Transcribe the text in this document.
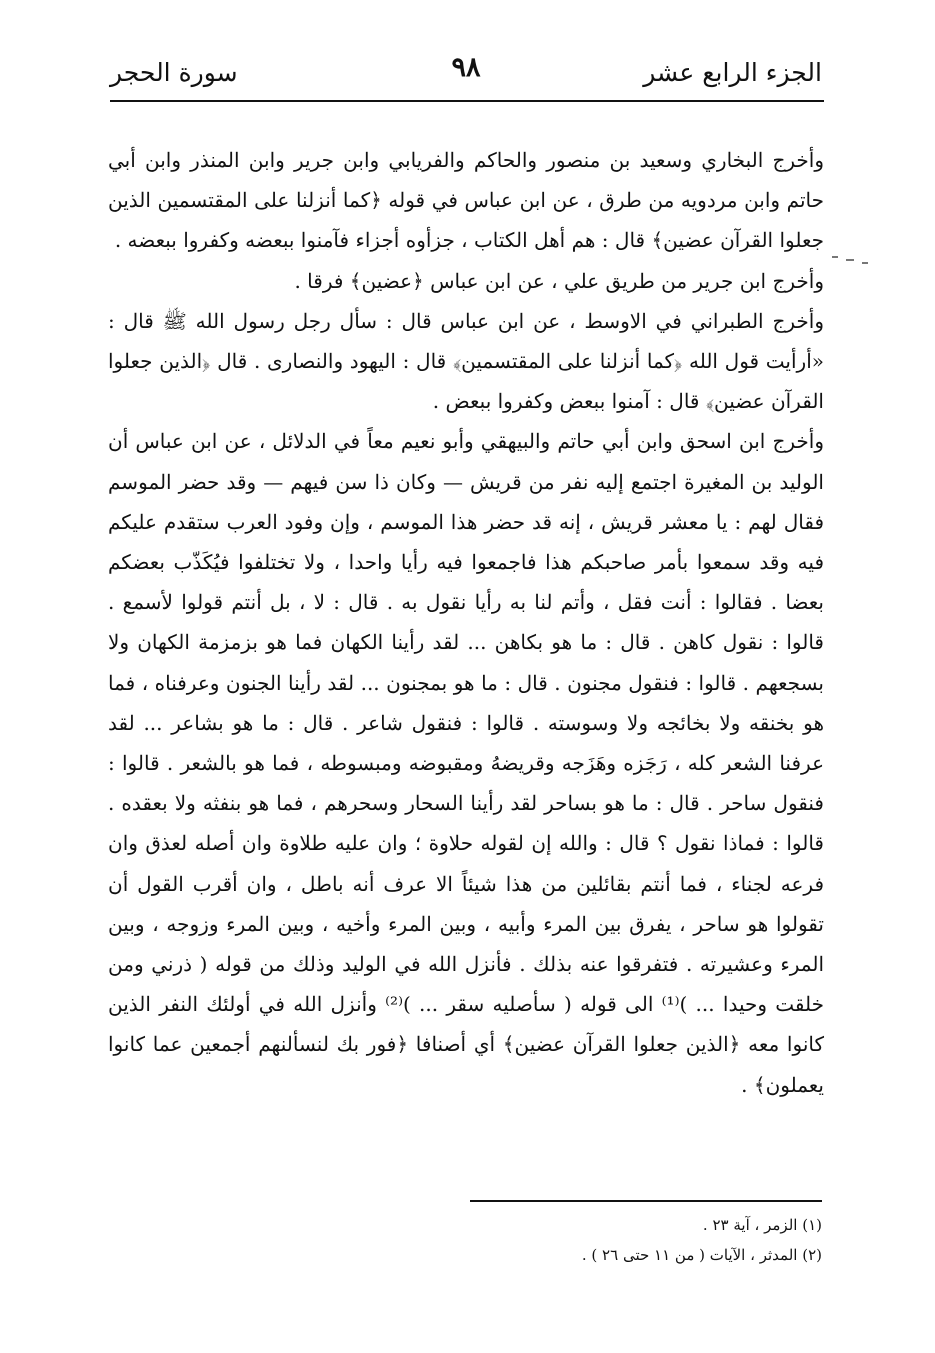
الجزء الرابع عشر
٩٨
سورة الحجر

وأخرج البخاري وسعيد بن منصور والحاكم والفريابي وابن جرير وابن المنذر وابن أبي حاتم وابن مردويه من طرق ، عن ابن عباس في قوله ﴿كما أنزلنا على المقتسمين الذين جعلوا القرآن عضين﴾ قال : هم أهل الكتاب ، جزأوه أجزاء فآمنوا ببعضه وكفروا ببعضه .

وأخرج ابن جرير من طريق علي ، عن ابن عباس ﴿عضين﴾ فرقا .

وأخرج الطبراني في الاوسط ، عن ابن عباس قال : سأل رجل رسول الله ﷺ قال : «أرأيت قول الله ﴿كما أنزلنا على المقتسمين﴾ قال : اليهود والنصارى . قال ﴿الذين جعلوا القرآن عضين﴾ قال : آمنوا ببعض وكفروا ببعض .

وأخرج ابن اسحق وابن أبي حاتم والبيهقي وأبو نعيم معاً في الدلائل ، عن ابن عباس أن الوليد بن المغيرة اجتمع إليه نفر من قريش — وكان ذا سن فيهم — وقد حضر الموسم فقال لهم : يا معشر قريش ، إنه قد حضر هذا الموسم ، وإن وفود العرب ستقدم عليكم فيه وقد سمعوا بأمر صاحبكم هذا فاجمعوا فيه رأيا واحدا ، ولا تختلفوا فيُكَذّب بعضكم بعضا . فقالوا : أنت فقل ، وأتم لنا به رأيا نقول به . قال : لا ، بل أنتم قولوا لأسمع . قالوا : نقول كاهن . قال : ما هو بكاهن ... لقد رأينا الكهان فما هو بزمزمة الكهان ولا بسجعهم . قالوا : فنقول مجنون . قال : ما هو بمجنون ... لقد رأينا الجنون وعرفناه ، فما هو بخنقه ولا بخائجه ولا وسوسته . قالوا : فنقول شاعر . قال : ما هو بشاعر ... لقد عرفنا الشعر كله ، رَجَزه وهَزَجه وقريضهُ ومقبوضه ومبسوطه ، فما هو بالشعر . قالوا : فنقول ساحر . قال : ما هو بساحر لقد رأينا السحار وسحرهم ، فما هو بنفثه ولا بعقده . قالوا : فماذا نقول ؟ قال : والله إن لقوله حلاوة ؛ وان عليه طلاوة وان أصله لعذق وان فرعه لجناء ، فما أنتم بقائلين من هذا شيئاً الا عرف أنه باطل ، وان أقرب القول أن تقولوا هو ساحر ، يفرق بين المرء وأبيه ، وبين المرء وأخيه ، وبين المرء وزوجه ، وبين المرء وعشيرته . فتفرقوا عنه بذلك . فأنزل الله في الوليد وذلك من قوله ( ذرني ومن خلقت وحيدا ... )⁽¹⁾ الى قوله ( سأصليه سقر ... )⁽²⁾ وأنزل الله في أولئك النفر الذين كانوا معه ﴿الذين جعلوا القرآن عضين﴾ أي أصنافا ﴿فور بك لنسألنهم أجمعين عما كانوا يعملون﴾ .

(١) الزمر ، آية ٢٣ .

(٢) المدثر ، الآيات ( من ١١ حتى ٢٦ ) .
